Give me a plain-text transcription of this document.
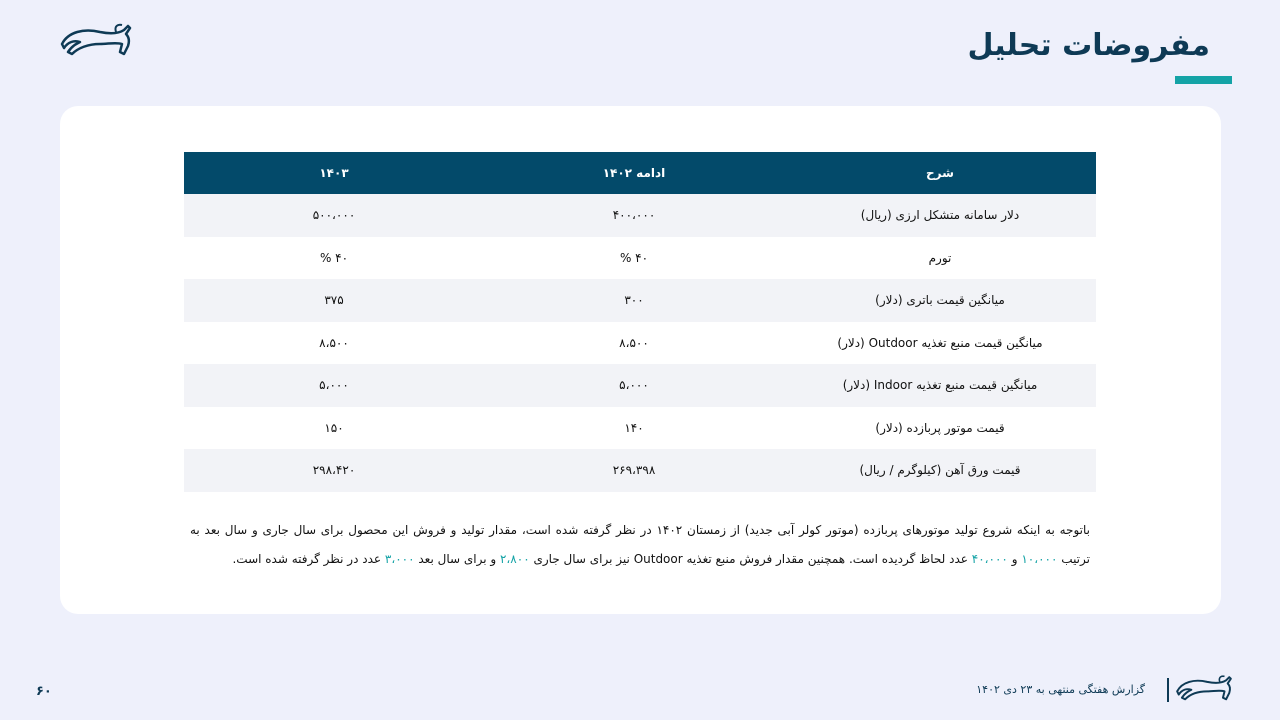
مفروضات تحلیل
شرح	ادامه ۱۴۰۲	۱۴۰۳
دلار سامانه متشکل ارزی (ریال)	۴۰۰،۰۰۰	۵۰۰،۰۰۰
تورم	۴۰ %	۴۰ %
میانگین قیمت باتری (دلار)	۳۰۰	۳۷۵
میانگین قیمت منبع تغذیه Outdoor (دلار)	۸،۵۰۰	۸،۵۰۰
میانگین قیمت منبع تغذیه Indoor (دلار)	۵،۰۰۰	۵،۰۰۰
قیمت موتور پربازده (دلار)	۱۴۰	۱۵۰
قیمت ورق آهن (کیلوگرم / ریال)	۲۶۹،۳۹۸	۲۹۸،۴۲۰
باتوجه به اینکه شروع تولید موتورهای پربازده (موتور کولر آبی جدید) از زمستان ۱۴۰۲ در نظر گرفته شده است، مقدار تولید و فروش این محصول برای سال جاری و سال بعد به ترتیب ۱۰،۰۰۰ و ۴۰،۰۰۰ عدد لحاظ گردیده است. همچنین مقدار فروش منبع تغذیه Outdoor نیز برای سال جاری ۲،۸۰۰ و برای سال بعد ۳،۰۰۰ عدد در نظر گرفته شده است.
گزارش هفتگی منتهی به ۲۳ دی ۱۴۰۲
۶۰
